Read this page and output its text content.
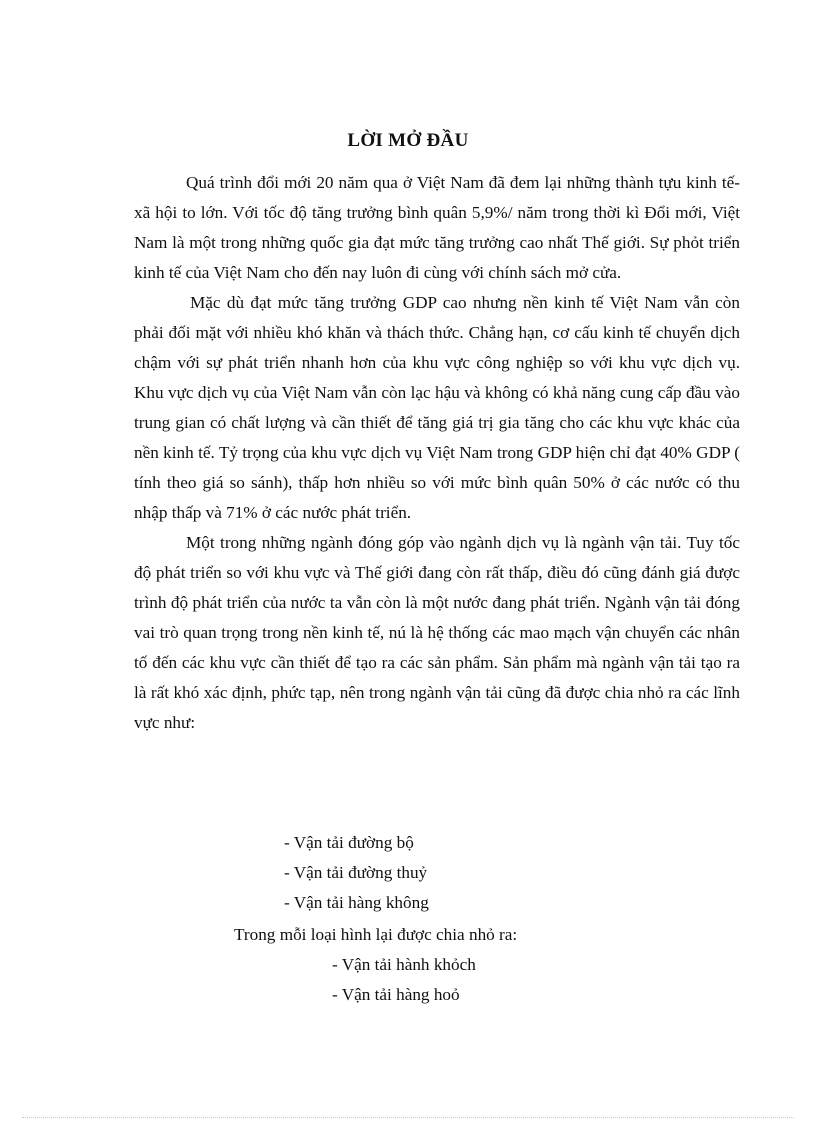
LỜI MỞ ĐẦU

Quá trình đổi mới 20 năm qua ở Việt Nam đã đem lại những thành tựu kinh tế- xã hội to lớn. Với tốc độ tăng trưởng bình quân 5,9%/ năm trong thời kì Đổi mới, Việt Nam là một trong những quốc gia đạt mức tăng trưởng cao nhất Thế giới. Sự phỏt triển kinh tế của Việt Nam cho đến nay luôn đi cùng với chính sách mở cửa.

Mặc dù đạt mức tăng trưởng GDP cao nhưng nền kinh tế Việt Nam vẫn còn phải đối mặt với nhiều khó khăn và thách thức. Chẳng hạn, cơ cấu kinh tế chuyển dịch chậm với sự phát triển nhanh hơn của khu vực công nghiệp so với khu vực dịch vụ. Khu vực dịch vụ của Việt Nam vẫn còn lạc hậu và không có khả năng cung cấp đầu vào trung gian có chất lượng và cần thiết để tăng giá trị gia tăng cho các khu vực khác của nền kinh tế. Tỷ trọng của khu vực dịch vụ Việt Nam trong GDP hiện chỉ đạt 40% GDP ( tính theo giá so sánh), thấp hơn nhiều so với mức bình quân 50% ở các nước có thu nhập thấp và 71% ở các nước phát triển.

Một trong những ngành đóng góp vào ngành dịch vụ là ngành vận tải. Tuy tốc độ phát triển so với khu vực và Thế giới đang còn rất thấp, điều đó cũng đánh giá được trình độ phát triển của nước ta vẫn còn là một nước đang phát triển. Ngành vận tải đóng vai trò quan trọng trong nền kinh tế, nú là hệ thống các mao mạch vận chuyển các nhân tố đến các khu vực cần thiết để tạo ra các sản phẩm. Sản phẩm mà ngành vận tải tạo ra là rất khó xác định, phức tạp, nên trong ngành vận tải cũng đã được chia nhỏ ra các lĩnh vực như:

- Vận tải đường bộ
- Vận tải đường thuỷ
- Vận tải hàng không
Trong mỗi loại hình lại được chia nhỏ ra:
- Vận tải hành khỏch
- Vận tải hàng hoỏ
